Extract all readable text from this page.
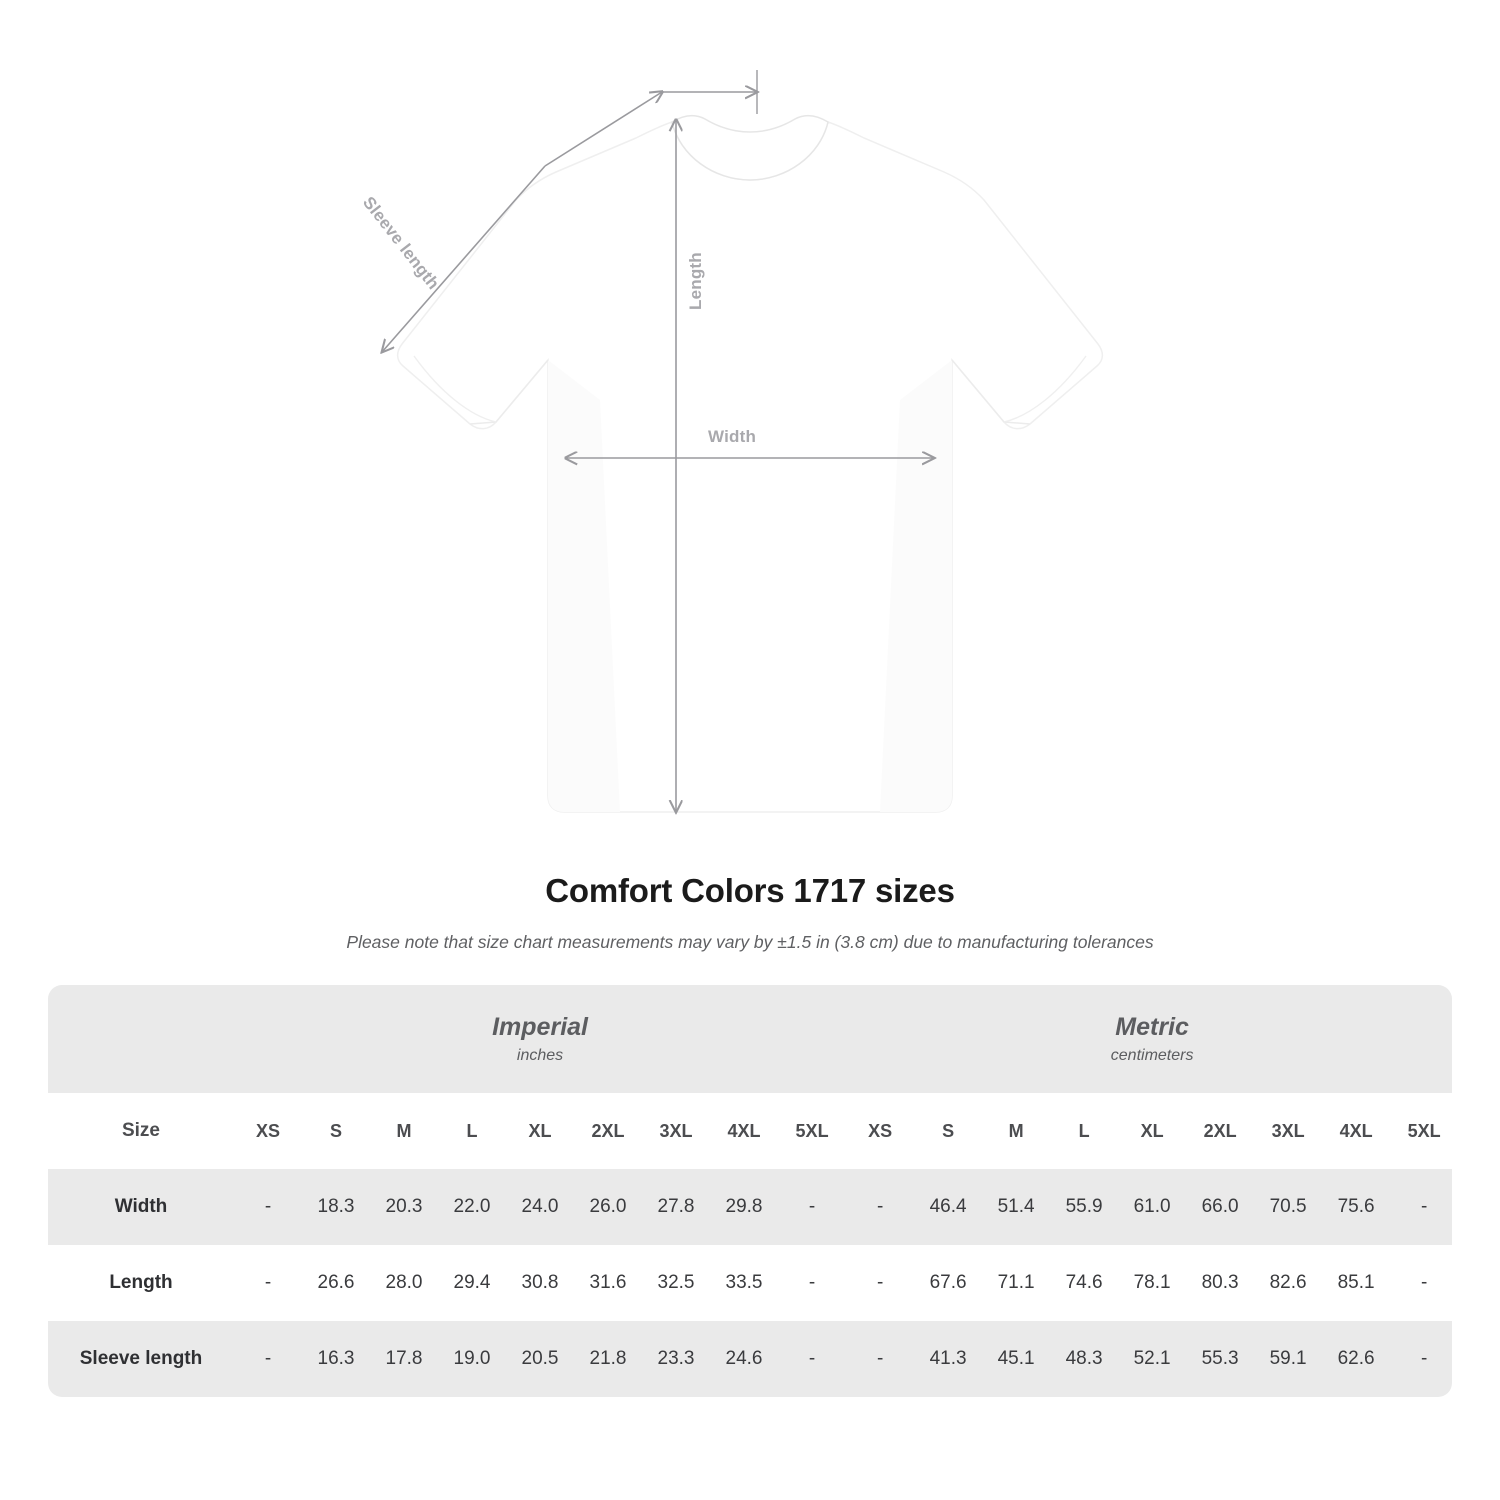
Sleeve length	Length
Width
Comfort Colors 1717 sizes

Please note that size chart measurements may vary by ±1.5 in (3.8 cm) due to manufacturing tolerances

Imperial
inches

Metric
centimeters

Size	XS	S	M	L	XL	2XL	3XL	4XL	5XL	XS	S	M	L	XL	2XL	3XL	4XL	5XL
Width	-	18.3	20.3	22.0	24.0	26.0	27.8	29.8	-	-	46.4	51.4	55.9	61.0	66.0	70.5	75.6	-
Length	-	26.6	28.0	29.4	30.8	31.6	32.5	33.5	-	-	67.6	71.1	74.6	78.1	80.3	82.6	85.1	-
Sleeve length	-	16.3	17.8	19.0	20.5	21.8	23.3	24.6	-	-	41.3	45.1	48.3	52.1	55.3	59.1	62.6	-
